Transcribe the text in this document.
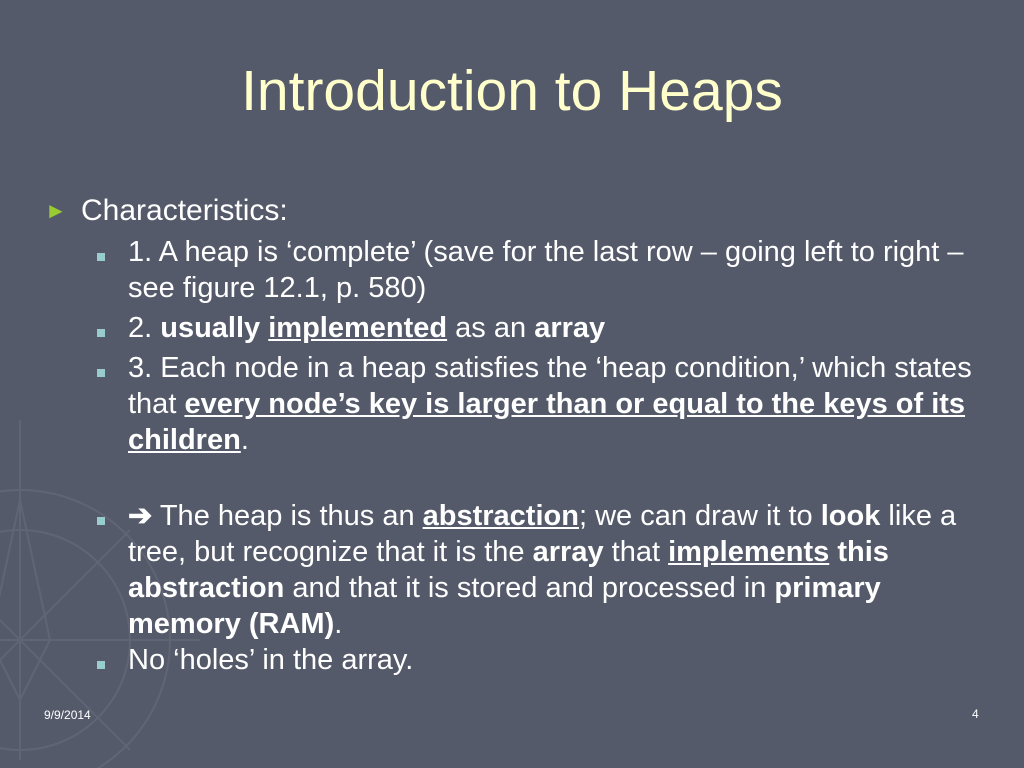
Introduction to Heaps
► Characteristics:
1. A heap is ‘complete’ (save for the last row – going left to right – see figure 12.1, p. 580)
2. usually implemented as an array
3. Each node in a heap satisfies the ‘heap condition,’ which states that every node’s key is larger than or equal to the keys of its children.
➔ The heap is thus an abstraction; we can draw it to look like a tree, but recognize that it is the array that implements this abstraction and that it is stored and processed in primary memory (RAM).
No ‘holes’ in the array.
9/9/2014	4
